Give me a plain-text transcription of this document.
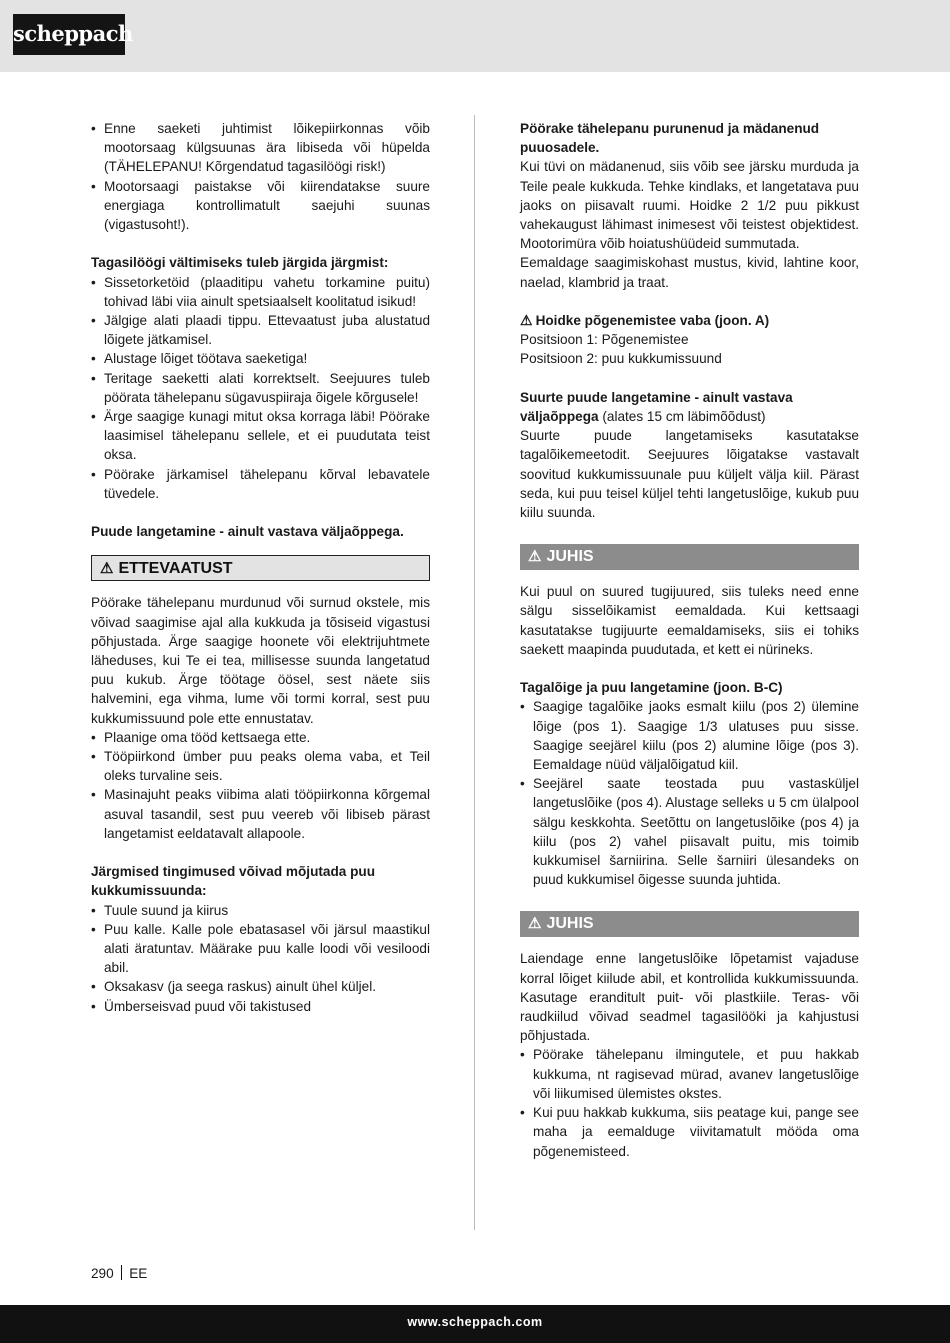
scheppach
• Enne saeketi juhtimist lõikepiirkonnas võib mootorsaag külgsuunas ära libiseda või hüpelda (TÄHELEPANU! Kõrgendatud tagasilöögi risk!)
• Mootorsaagi paistakse või kiirendatakse suure energiaga kontrollimatult saejuhi suunas (vigastusoht!).
Tagasilöögi vältimiseks tuleb järgida järgmist:
• Sissetorketöid (plaaditipu vahetu torkamine puitu) tohivad läbi viia ainult spetsiaalselt koolitatud isikud!
• Jälgige alati plaadi tippu. Ettevaatust juba alustatud lõigete jätkamisel.
• Alustage lõiget töötava saeketiga!
• Teritage saeketti alati korrektselt. Seejuures tuleb pöörata tähelepanu sügavuspiiraja õigele kõrgusele!
• Ärge saagige kunagi mitut oksa korraga läbi! Pöörake laasimisel tähelepanu sellele, et ei puudutata teist oksa.
• Pöörake järkamisel tähelepanu kõrval lebavatele tüvedele.
Puude langetamine - ainult vastava väljaõppega.
⚠ ETTEVAATUST

Pöörake tähelepanu murdunud või surnud okstele, mis võivad saagimise ajal alla kukkuda ja tõsiseid vigastusi põhjustada. Ärge saagige hoonete või elektrijuhtmete läheduses, kui Te ei tea, millisesse suunda langetatud puu kukub. Ärge töötage öösel, sest näete siis halvemini, ega vihma, lume või tormi korral, sest puu kukkumissuund pole ette ennustatav.

• Plaanige oma tööd kettsaega ette.
• Tööpiirkond ümber puu peaks olema vaba, et Teil oleks turvaline seis.
• Masinajuht peaks viibima alati tööpiirkonna kõrgemal asuval tasandil, sest puu veereb või libiseb pärast langetamist eeldatavalt allapoole.
Järgmised tingimused võivad mõjutada puu kukkumissuunda:
• Tuule suund ja kiirus
• Puu kalle. Kalle pole ebatasasel või järsul maastikul alati äratuntav. Määrake puu kalle loodi või vesiloodi abil.
• Oksakasv (ja seega raskus) ainult ühel küljel.
• Ümberseisvad puud või takistused
Pöörake tähelepanu purunenud ja mädanenud puuosadele.

Kui tüvi on mädanenud, siis võib see järsku murduda ja Teile peale kukkuda. Tehke kindlaks, et langetatava puu jaoks on piisavalt ruumi. Hoidke 2 1/2 puu pikkust vahekaugust lähimast inimesest või teistest objektidest. Mootorimüra võib hoiatushüüdeid summutada.

Eemaldage saagimiskohast mustus, kivid, lahtine koor, naelad, klambrid ja traat.

⚠ Hoidke põgenemistee vaba (joon. A)

Positsioon 1: Põgenemistee

Positsioon 2: puu kukkumissuund

Suurte puude langetamine - ainult vastava väljaõppega (alates 15 cm läbimõõdust)

Suurte puude langetamiseks kasutatakse tagalõikemeetodit. Seejuures lõigatakse vastavalt soovitud kukkumissuunale puu küljelt välja kiil. Pärast seda, kui puu teisel küljel tehti langetuslõige, kukub puu kiilu suunda.

⚠ JUHIS

Kui puul on suured tugijuured, siis tuleks need enne sälgu sisselõikamist eemaldada. Kui kettsaagi kasutatakse tugijuurte eemaldamiseks, siis ei tohiks saekett maapinda puudutada, et kett ei nürineks.

Tagalõige ja puu langetamine (joon. B-C)
• Saagige tagalõike jaoks esmalt kiilu (pos 2) ülemine lõige (pos 1). Saagige 1/3 ulatuses puu sisse. Saagige seejärel kiilu (pos 2) alumine lõige (pos 3). Eemaldage nüüd väljalõigatud kiil.
• Seejärel saate teostada puu vastasküljel langetuslõike (pos 4). Alustage selleks u 5 cm ülalpool sälgu keskkohta. Seetõttu on langetuslõike (pos 4) ja kiilu (pos 2) vahel piisavalt puitu, mis toimib kukkumisel šarniirina. Selle šarniiri ülesandeks on puud kukkumisel õigesse suunda juhtida.
⚠ JUHIS

Laiendage enne langetuslõike lõpetamist vajaduse korral lõiget kiilude abil, et kontrollida kukkumissuunda. Kasutage eranditult puit- või plastkiile. Teras- või raudkiilud võivad seadmel tagasilööki ja kahjustusi põhjustada.

• Pöörake tähelepanu ilmingutele, et puu hakkab kukkuma, nt ragisevad mürad, avanev langetuslõige või liikumised ülemistes okstes.
• Kui puu hakkab kukkuma, siis peatage kui, pange see maha ja eemalduge viivitamatult mööda oma põgenemisteed.
290 EE
www.scheppach.com
